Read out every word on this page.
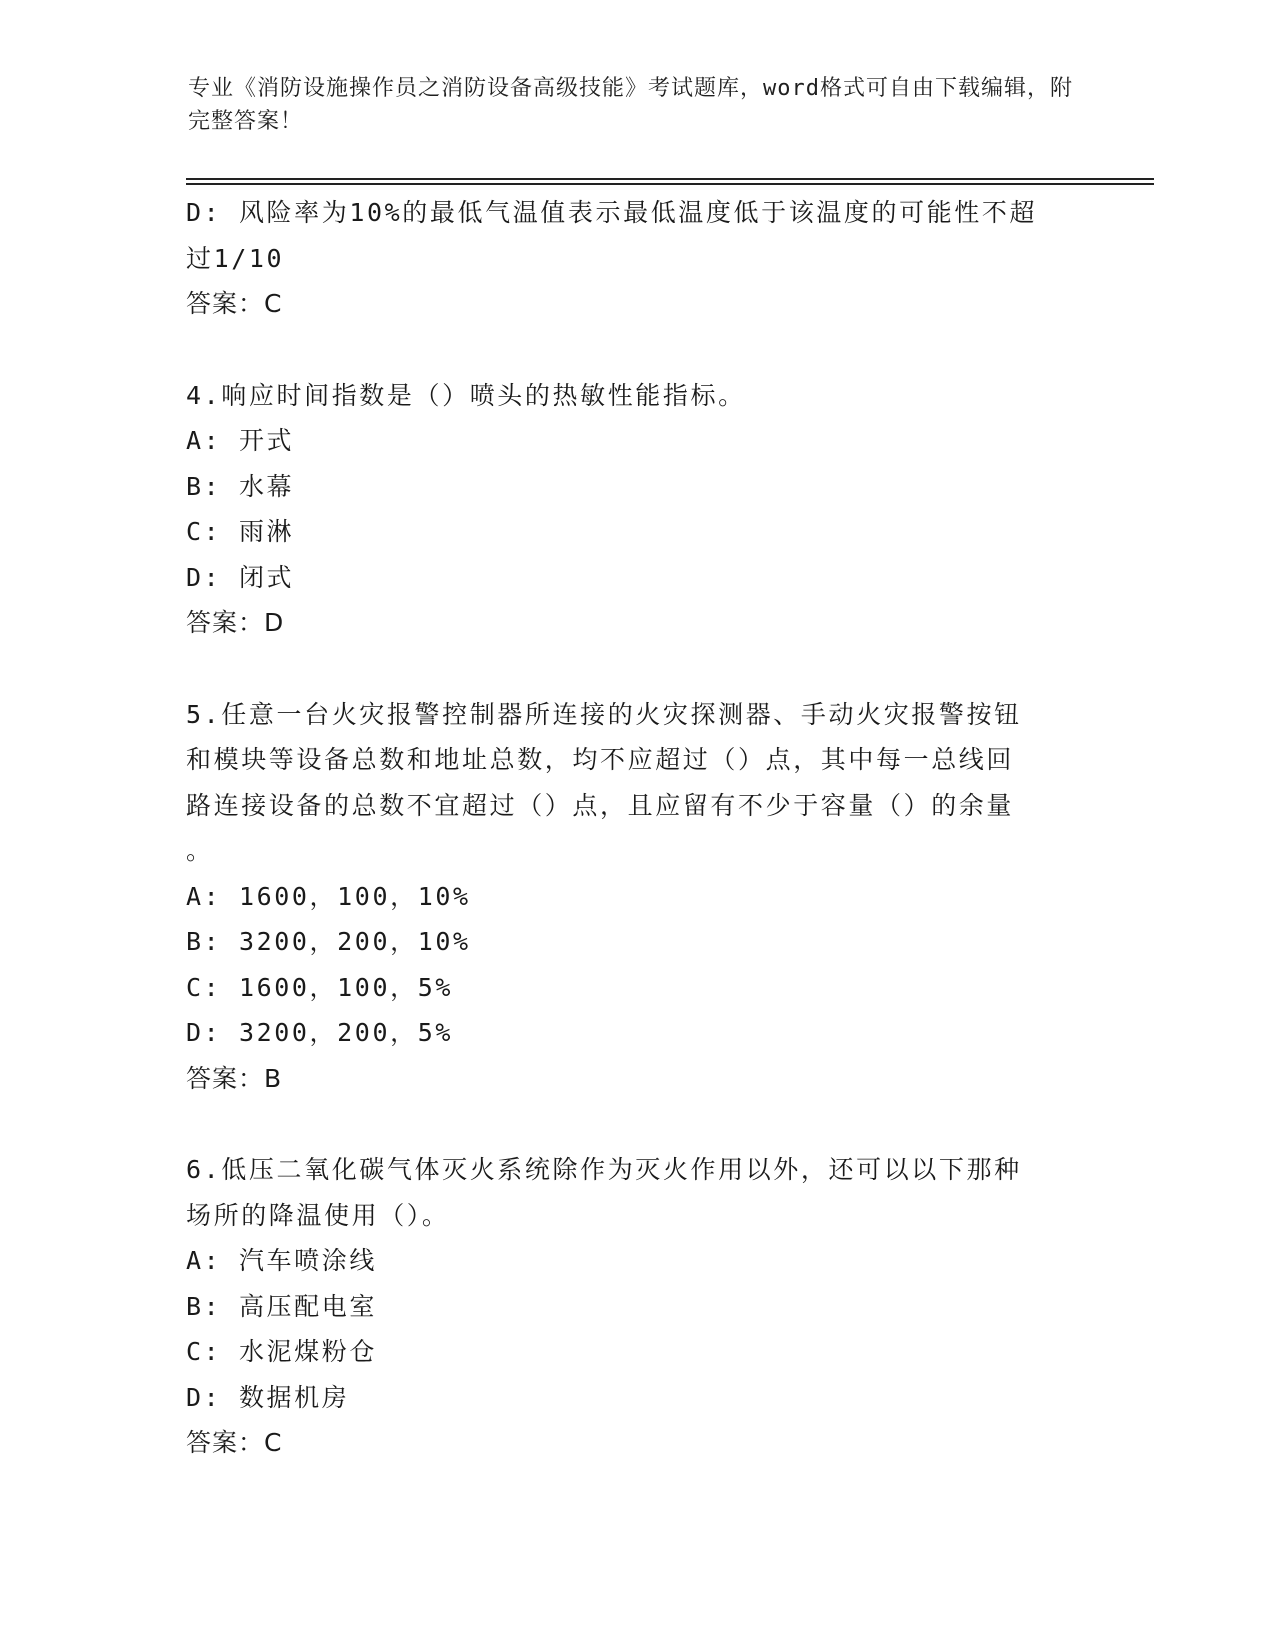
专业《消防设施操作员之消防设备高级技能》考试题库，word格式可自由下载编辑，附完整答案！
D: 风险率为10%的最低气温值表示最低温度低于该温度的可能性不超
过1/10
答案：C
4.响应时间指数是（）喷头的热敏性能指标。
A: 开式
B: 水幕
C: 雨淋
D: 闭式
答案：D
5.任意一台火灾报警控制器所连接的火灾探测器、手动火灾报警按钮
和模块等设备总数和地址总数，均不应超过（）点，其中每一总线回
路连接设备的总数不宜超过（）点，且应留有不少于容量（）的余量
。
A: 1600，100，10%
B: 3200，200，10%
C: 1600，100，5%
D: 3200，200，5%
答案：B
6.低压二氧化碳气体灭火系统除作为灭火作用以外，还可以以下那种
场所的降温使用（）。
A: 汽车喷涂线
B: 高压配电室
C: 水泥煤粉仓
D: 数据机房
答案：C
